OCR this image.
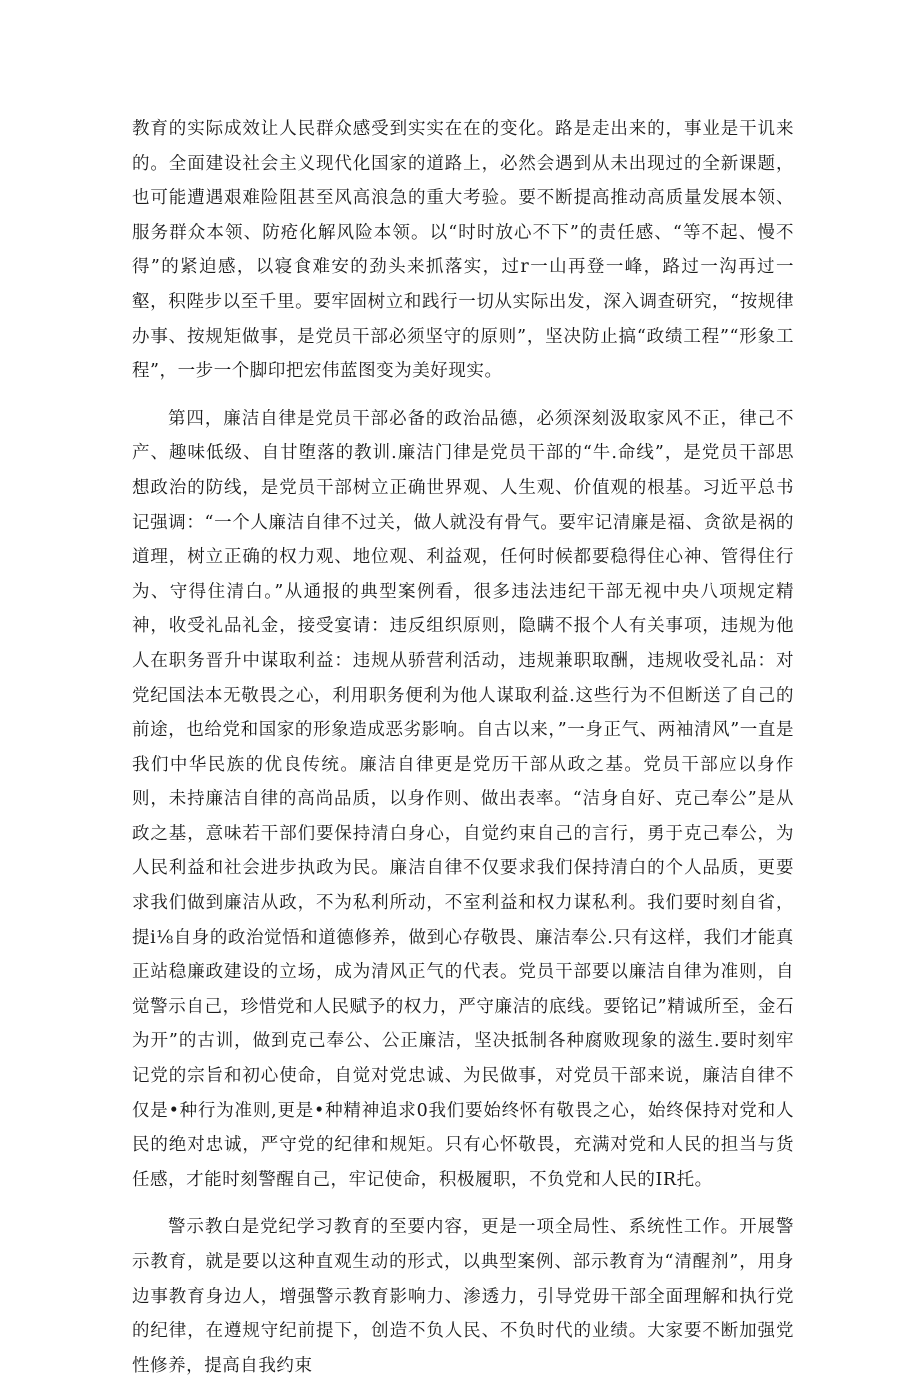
教育的实际成效让人民群众感受到实实在在的变化。路是走出来的，事业是干讥来的。全面建设社会主义现代化国家的道路上，必然会遇到从未出现过的全新课题，也可能遭遇艰难险阻甚至风高浪急的重大考验。要不断提高推动高质量发展本领、服务群众本领、防疮化解风险本领。以“时时放心不下”的责任感、“等不起、慢不得”的紧迫感，以寝食难安的劲头来抓落实，过r一山再登一峰，路过一沟再过一壑，积陛步以至千里。要牢固树立和践行一切从实际出发，深入调查研究，“按规律办事、按规矩做事，是党员干部必须坚守的原则”，坚决防止搞“政绩工程”“形象工程”，一步一个脚印把宏伟蓝图变为美好现实。

第四，廉洁自律是党员干部必备的政治品德，必须深刻汲取家风不正，律己不产、趣味低级、自甘堕落的教训.廉洁门律是党员干部的“牛.命线”，是党员干部思想政治的防线，是党员干部树立正确世界观、人生观、价值观的根基。习近平总书记强调：“一个人廉洁自律不过关，做人就没有骨气。要牢记清廉是福、贪欲是祸的道理，树立正确的权力观、地位观、利益观，任何时候都要稳得住心神、管得住行为、守得住清白。”从通报的典型案例看，很多违法违纪干部无视中央八项规定精神，收受礼品礼金，接受宴请：违反组织原则，隐瞒不报个人有关事项，违规为他人在职务晋升中谋取利益：违规从骄营利活动，违规兼职取酬，违规收受礼品：对党纪国法本无敬畏之心，利用职务便利为他人谋取利益.这些行为不但断送了自己的前途，也给党和国家的形象造成恶劣影响。自古以来，”一身正气、两袖清风”一直是我们中华民族的优良传统。廉洁自律更是党历干部从政之基。党员干部应以身作则，未持廉洁自律的高尚品质，以身作则、做出表率。“洁身自好、克己奉公”是从政之基，意味若干部们要保持清白身心，自觉约束自己的言行，勇于克己奉公，为人民利益和社会进步执政为民。廉洁自律不仅要求我们保持清白的个人品质，更要求我们做到廉洁从政，不为私利所动，不室利益和权力谋私利。我们要时刻自省，提i⅛自身的政治觉悟和道德修养，做到心存敬畏、廉洁奉公.只有这样，我们才能真正站稳廉政建设的立场，成为清风正气的代表。党员干部要以廉洁自律为准则，自觉警示自己，珍惜党和人民赋予的权力，严守廉洁的底线。要铭记”精诚所至，金石为开”的古训，做到克己奉公、公正廉洁，坚决抵制各种腐败现象的滋生.要时刻牢记党的宗旨和初心使命，自觉对党忠诚、为民做事，对党员干部来说，廉洁自律不仅是•种行为准则,更是•种精神追求0我们要始终怀有敬畏之心，始终保持对党和人民的绝对忠诚，严守党的纪律和规矩。只有心怀敬畏，充满对党和人民的担当与货任感，才能时刻警醒自己，牢记使命，积极履职，不负党和人民的IR托。

警示教白是党纪学习教育的至要内容，更是一项全局性、系统性工作。开展警示教育，就是要以这种直观生动的形式，以典型案例、部示教育为“清醒剂”，用身边事教育身边人，增强警示教育影响力、渗透力，引导党毋干部全面理解和执行党的纪律，在遵规守纪前提下，创造不负人民、不负时代的业绩。大家要不断加强党性修养，提高自我约束
